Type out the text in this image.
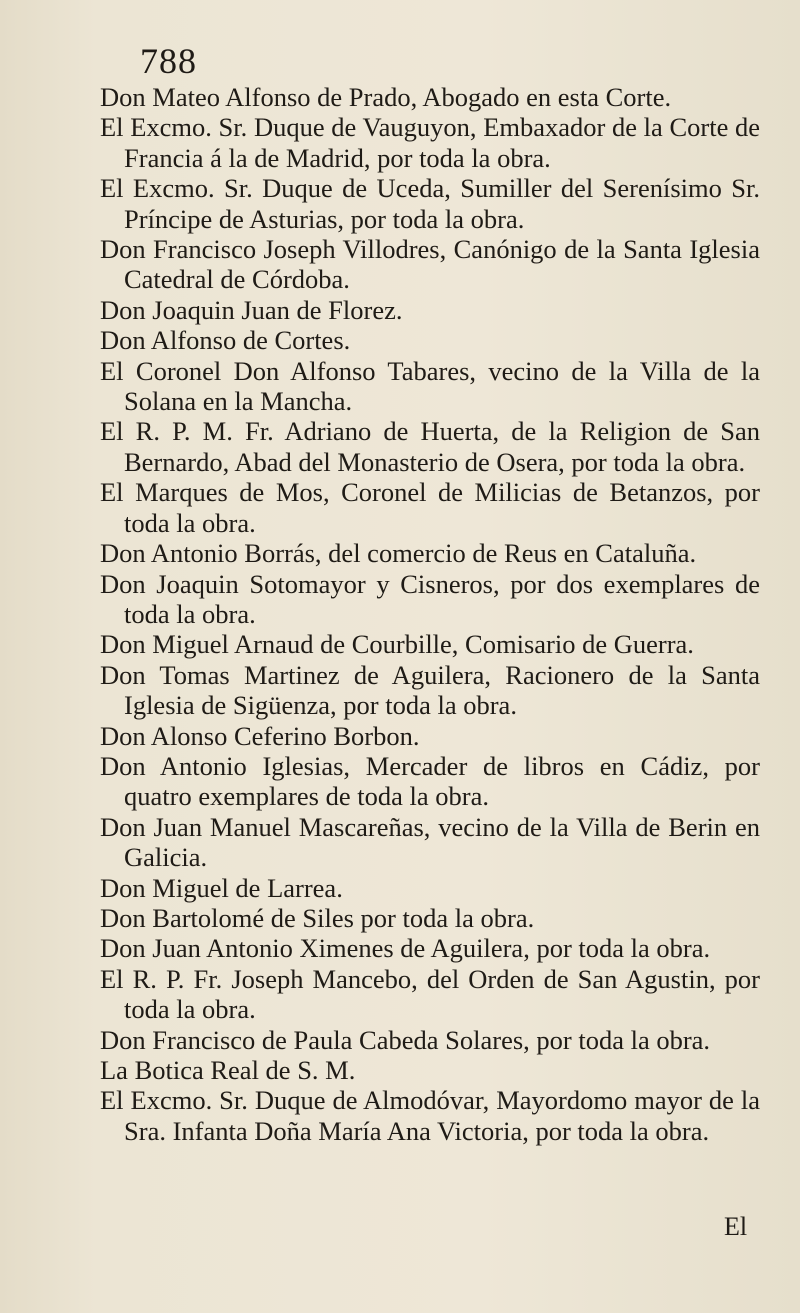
788
Don Mateo Alfonso de Prado, Abogado en esta Corte.
El Excmo. Sr. Duque de Vauguyon, Embaxador de la Corte de Francia á la de Madrid, por toda la obra.
El Excmo. Sr. Duque de Uceda, Sumiller del Serenísimo Sr. Príncipe de Asturias, por toda la obra.
Don Francisco Joseph Villodres, Canónigo de la Santa Iglesia Catedral de Córdoba.
Don Joaquin Juan de Florez.
Don Alfonso de Cortes.
El Coronel Don Alfonso Tabares, vecino de la Villa de la Solana en la Mancha.
El R. P. M. Fr. Adriano de Huerta, de la Religion de San Bernardo, Abad del Monasterio de Osera, por toda la obra.
El Marques de Mos, Coronel de Milicias de Betanzos, por toda la obra.
Don Antonio Borrás, del comercio de Reus en Cataluña.
Don Joaquin Sotomayor y Cisneros, por dos exemplares de toda la obra.
Don Miguel Arnaud de Courbille, Comisario de Guerra.
Don Tomas Martinez de Aguilera, Racionero de la Santa Iglesia de Sigüenza, por toda la obra.
Don Alonso Ceferino Borbon.
Don Antonio Iglesias, Mercader de libros en Cádiz, por quatro exemplares de toda la obra.
Don Juan Manuel Mascareñas, vecino de la Villa de Berin en Galicia.
Don Miguel de Larrea.
Don Bartolomé de Siles por toda la obra.
Don Juan Antonio Ximenes de Aguilera, por toda la obra.
El R. P. Fr. Joseph Mancebo, del Orden de San Agustin, por toda la obra.
Don Francisco de Paula Cabeda Solares, por toda la obra.
La Botica Real de S. M.
El Excmo. Sr. Duque de Almodóvar, Mayordomo mayor de la Sra. Infanta Doña María Ana Victoria, por toda la obra.
El
